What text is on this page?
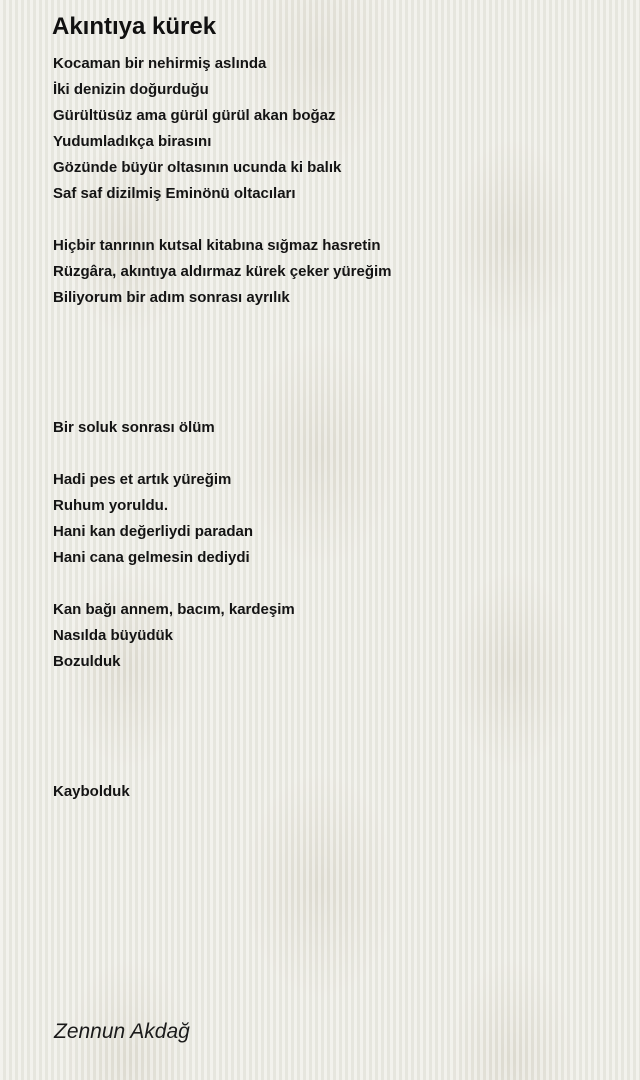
Akıntıya kürek
Kocaman bir nehirmiş aslında
İki denizin doğurduğu
Gürültüsüz ama gürül gürül akan boğaz
Yudumladıkça birasını
Gözünde büyür oltasının ucunda ki balık
Saf saf dizilmiş Eminönü oltacıları
Hiçbir tanrının kutsal kitabına sığmaz hasretin
Rüzgâra, akıntıya aldırmaz kürek çeker yüreğim
Biliyorum bir adım sonrası ayrılık
Bir soluk sonrası ölüm
Hadi pes et artık yüreğim
Ruhum yoruldu.
Hani kan değerliydi paradan
Hani cana gelmesin dediydi
Kan bağı annem, bacım, kardeşim
Nasılda büyüdük
Bozulduk
Kaybolduk
Zennun Akdağ
